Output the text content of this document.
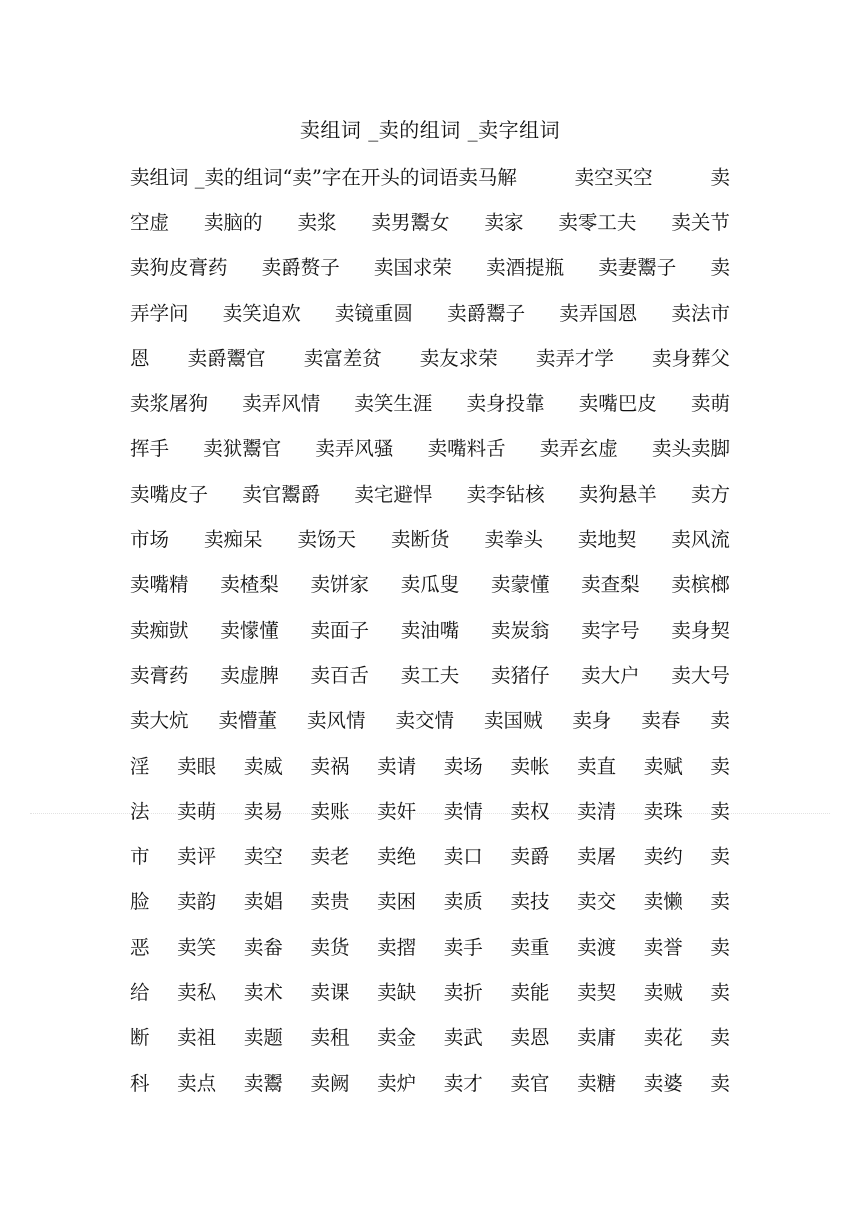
卖组词 _卖的组词 _卖字组词
卖组词 _卖的组词“卖”字在开头的词语卖马解	卖空买空	卖
空虚 卖脑的 卖浆 卖男鬻女 卖家 卖零工夫 卖关节
卖狗皮膏药 卖爵赘子 卖国求荣 卖酒提瓶 卖妻鬻子 卖
弄学问 卖笑追欢 卖镜重圆 卖爵鬻子 卖弄国恩 卖法市
恩 卖爵鬻官 卖富差贫 卖友求荣 卖弄才学 卖身葬父
卖浆屠狗 卖弄风情 卖笑生涯 卖身投靠 卖嘴巴皮 卖萌
挥手 卖狱鬻官 卖弄风骚 卖嘴料舌 卖弄玄虚 卖头卖脚
卖嘴皮子 卖官鬻爵 卖宅避悍 卖李钻核 卖狗悬羊 卖方
市场 卖痴呆 卖饧天 卖断货 卖拳头 卖地契 卖风流
卖嘴精 卖楂梨 卖饼家 卖瓜叟 卖蒙懂 卖查梨 卖槟榔
卖痴獃 卖懞懂 卖面子 卖油嘴 卖炭翁 卖字号 卖身契
卖膏药 卖虚脾 卖百舌 卖工夫 卖猪仔 卖大户 卖大号
卖大炕 卖懵董 卖风情 卖交情 卖国贼 卖身 卖春 卖
淫 卖眼 卖威 卖祸 卖请 卖场 卖帐 卖直 卖赋 卖
法 卖萌 卖易 卖账 卖奸 卖情 卖权 卖清 卖珠 卖
市 卖评 卖空 卖老 卖绝 卖口 卖爵 卖屠 卖约 卖
脸 卖韵 卖娼 卖贵 卖困 卖质 卖技 卖交 卖懒 卖
恶 卖笑 卖畚 卖货 卖摺 卖手 卖重 卖渡 卖誉 卖
给 卖私 卖术 卖课 卖缺 卖折 卖能 卖契 卖贼 卖
断 卖祖 卖题 卖租 卖金 卖武 卖恩 卖庸 卖花 卖
科 卖点 卖鬻 卖阙 卖炉 卖才 卖官 卖糖 卖婆 卖
